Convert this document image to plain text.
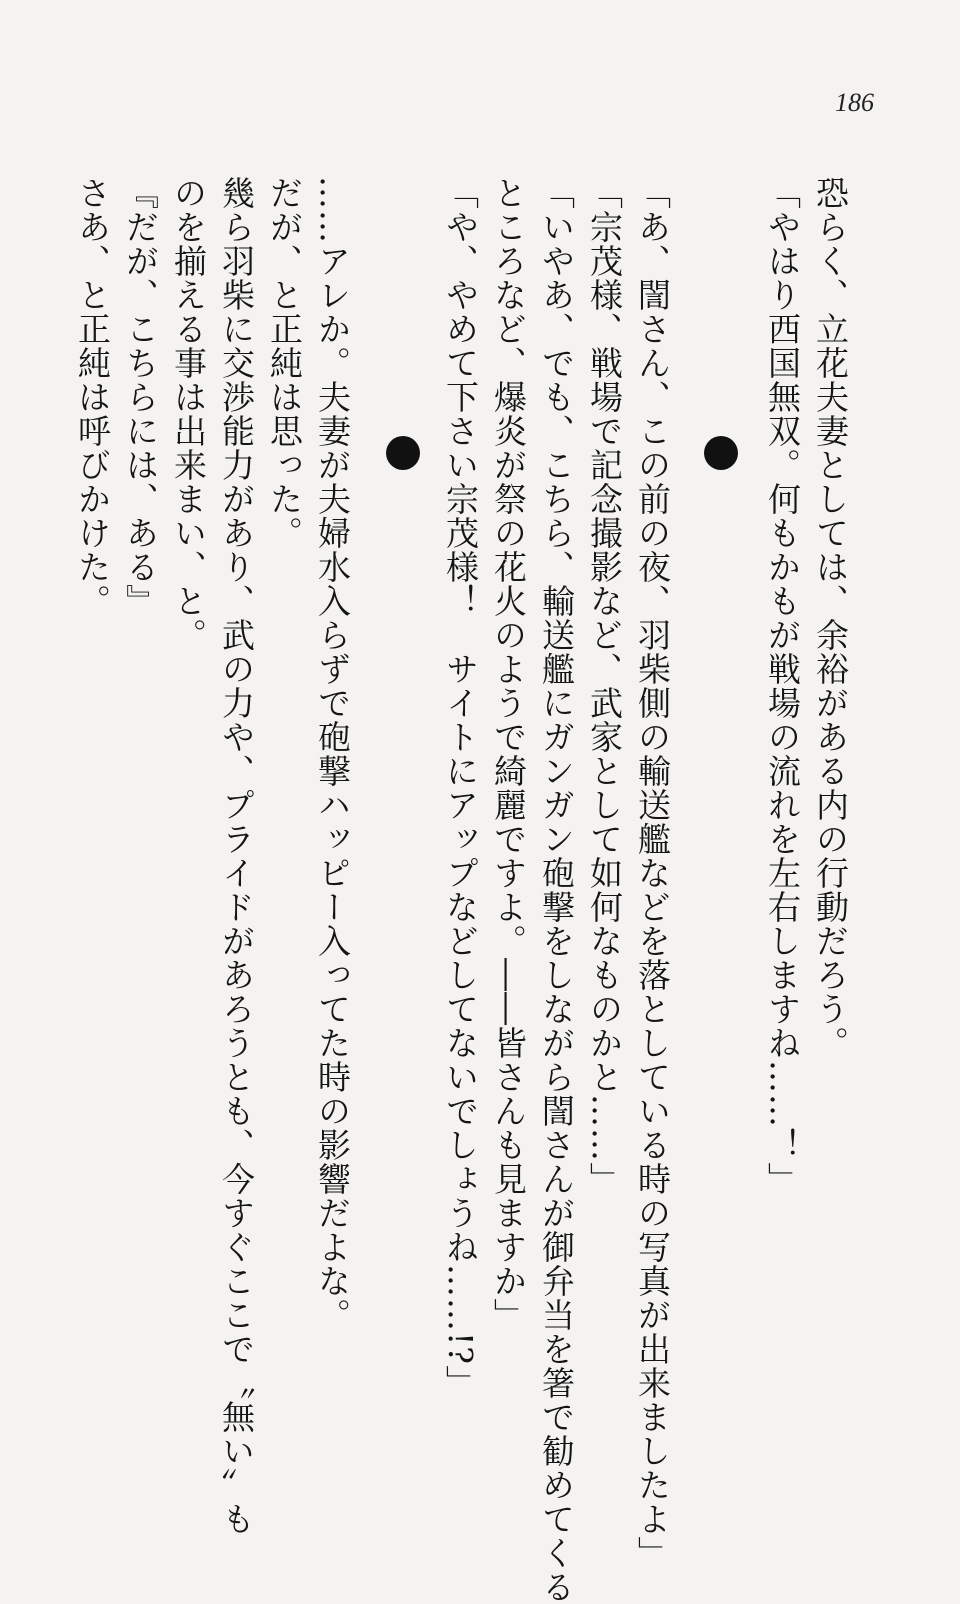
186
恐らく、立花夫妻としては、余裕がある内の行動だろう。
「やはり西国無双。何もかもが戦場の流れを左右しますね……！」
「あ、誾さん、この前の夜、羽柴側の輸送艦などを落としている時の写真が出来ましたよ」
「宗茂様、戦場で記念撮影など、武家として如何なものかと……」
「いやあ、でも、こちら、輸送艦にガンガン砲撃をしながら誾さんが御弁当を箸で勧めてくる
ところなど、爆炎が祭の花火のようで綺麗ですよ。――皆さんも見ますか」
「や、やめて下さい宗茂様！　サイトにアップなどしてないでしょうね……!?」
……アレか。夫妻が夫婦水入らずで砲撃ハッピー入ってた時の影響だよな。
だが、と正純は思った。
幾ら羽柴に交渉能力があり、武の力や、プライドがあろうとも、今すぐここで〝無い〟も
のを揃える事は出来まい、と。
『だが、こちらには、ある』
さあ、と正純は呼びかけた。
